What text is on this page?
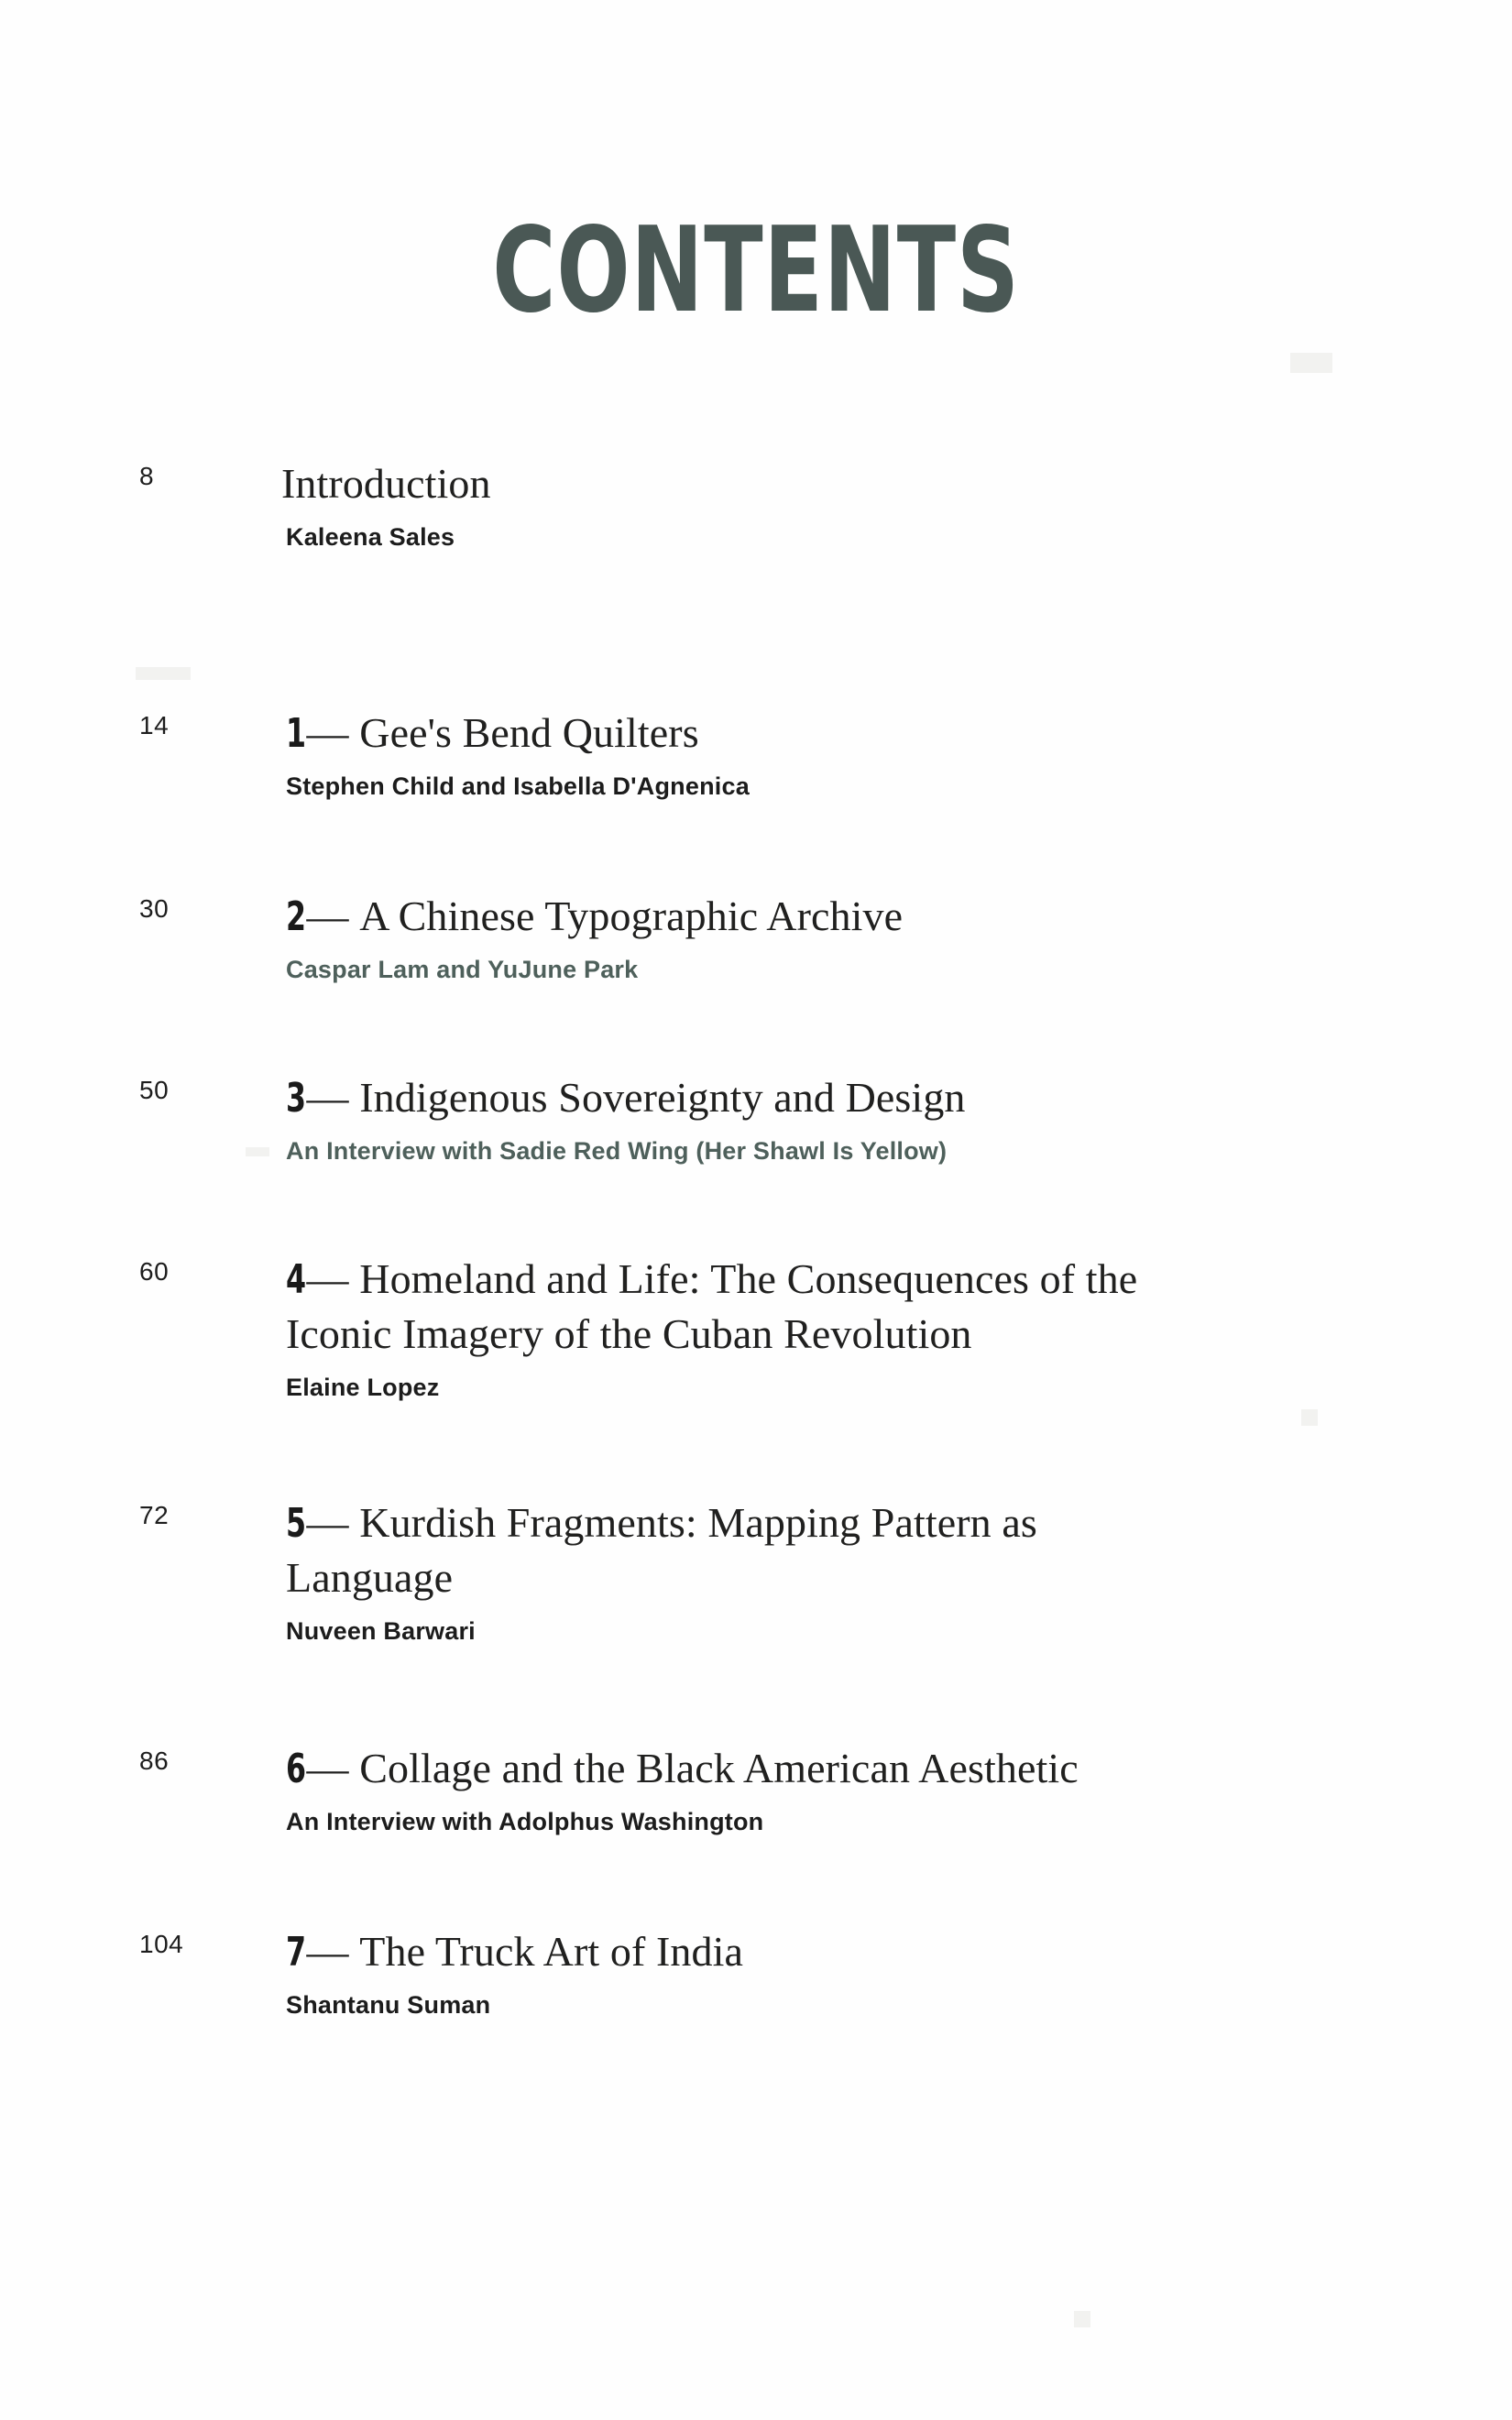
CONTENTS
8	Introduction
Kaleena Sales
14	1— Gee's Bend Quilters
Stephen Child and Isabella D'Agnenica
30	2— A Chinese Typographic Archive
Caspar Lam and YuJune Park
50	3— Indigenous Sovereignty and Design
An Interview with Sadie Red Wing (Her Shawl Is Yellow)
60	4— Homeland and Life: The Consequences of the Iconic Imagery of the Cuban Revolution
Elaine Lopez
72	5— Kurdish Fragments: Mapping Pattern as Language
Nuveen Barwari
86	6— Collage and the Black American Aesthetic
An Interview with Adolphus Washington
104	7— The Truck Art of India
Shantanu Suman
